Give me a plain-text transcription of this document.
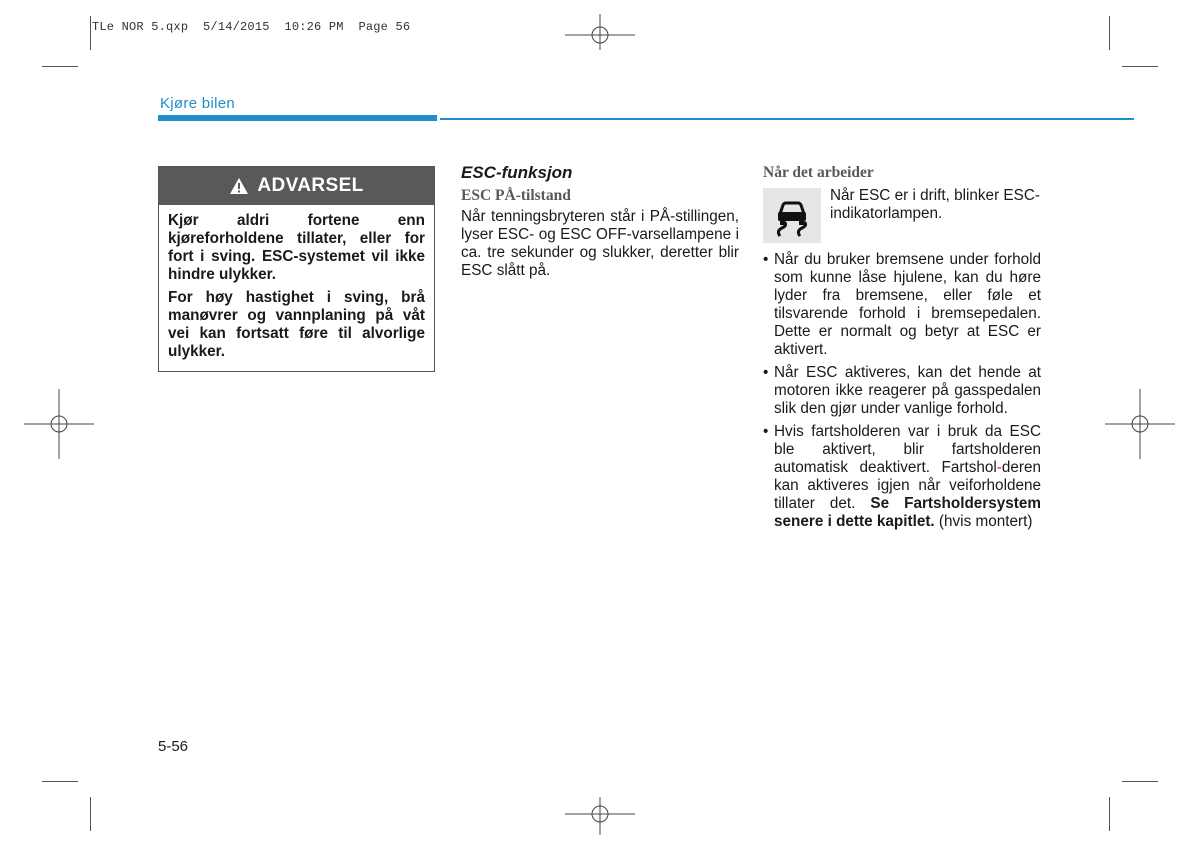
TLe NOR 5.qxp  5/14/2015  10:26 PM  Page 56
Kjøre bilen
ADVARSEL

Kjør aldri fortene enn kjøreforholdene tillater, eller for fort i sving. ESC-systemet vil ikke hindre ulykker.

For høy hastighet i sving, brå manøvrer og vannplaning på våt vei kan fortsatt føre til alvorlige ulykker.

ESC-funksjon
ESC PÅ-tilstand

Når tenningsbryteren står i PÅ-stillingen, lyser ESC- og ESC OFF-varsellampene i ca. tre sekunder og slukker, deretter blir ESC slått på.

Når det arbeider
Når ESC er i drift, blinker ESC- indikatorlampen.
• Når du bruker bremsene under forhold som kunne låse hjulene, kan du høre lyder fra bremsene, eller føle et tilsvarende forhold i bremsepedalen. Dette er normalt og betyr at ESC er aktivert.
• Når ESC aktiveres, kan det hende at motoren ikke reagerer på gasspedalen slik den gjør under vanlige forhold.
• Hvis fartsholderen var i bruk da ESC ble aktivert, blir fartsholderen automatisk deaktivert. Fartshol-deren kan aktiveres igjen når veiforholdene tillater det. Se Fartsholdersystem senere i dette kapitlet. (hvis montert)
5-56
